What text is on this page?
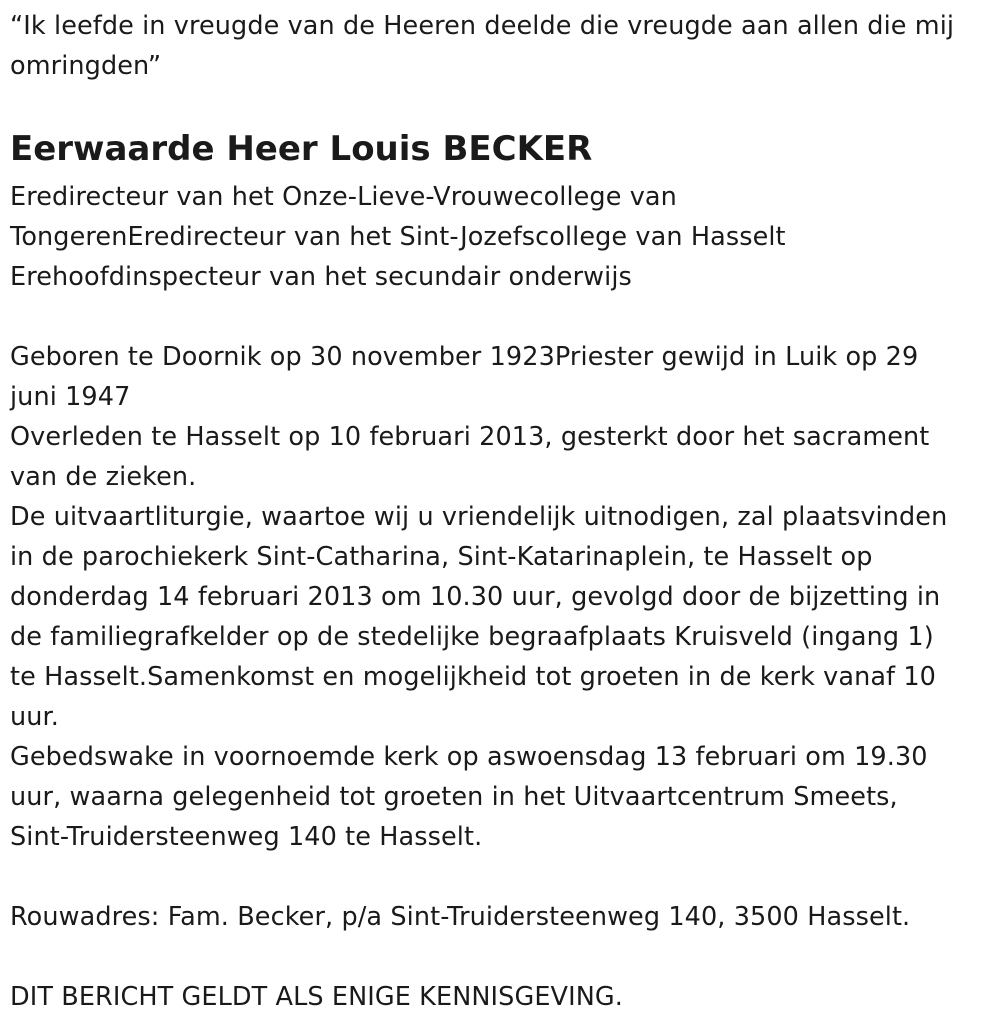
“Ik leefde in vreugde van de Heeren deelde die vreugde aan allen die mij
omringden”
Eerwaarde Heer Louis BECKER
Eredirecteur van het Onze-Lieve-Vrouwecollege van
TongerenEredirecteur van het Sint-Jozefscollege van Hasselt
Erehoofdinspecteur van het secundair onderwijs
Geboren te Doornik op 30 november 1923Priester gewijd in Luik op 29
juni 1947
Overleden te Hasselt op 10 februari 2013, gesterkt door het sacrament
van de zieken.
De uitvaartliturgie, waartoe wij u vriendelijk uitnodigen, zal plaatsvinden
in de parochiekerk Sint-Catharina, Sint-Katarinaplein, te Hasselt op
donderdag 14 februari 2013 om 10.30 uur, gevolgd door de bijzetting in
de familiegrafkelder op de stedelijke begraafplaats Kruisveld (ingang 1)
te Hasselt.Samenkomst en mogelijkheid tot groeten in de kerk vanaf 10
uur.
Gebedswake in voornoemde kerk op aswoensdag 13 februari om 19.30
uur, waarna gelegenheid tot groeten in het Uitvaartcentrum Smeets,
Sint-Truidersteenweg 140 te Hasselt.
Rouwadres: Fam. Becker, p/a Sint-Truidersteenweg 140, 3500 Hasselt.
DIT BERICHT GELDT ALS ENIGE KENNISGEVING.
